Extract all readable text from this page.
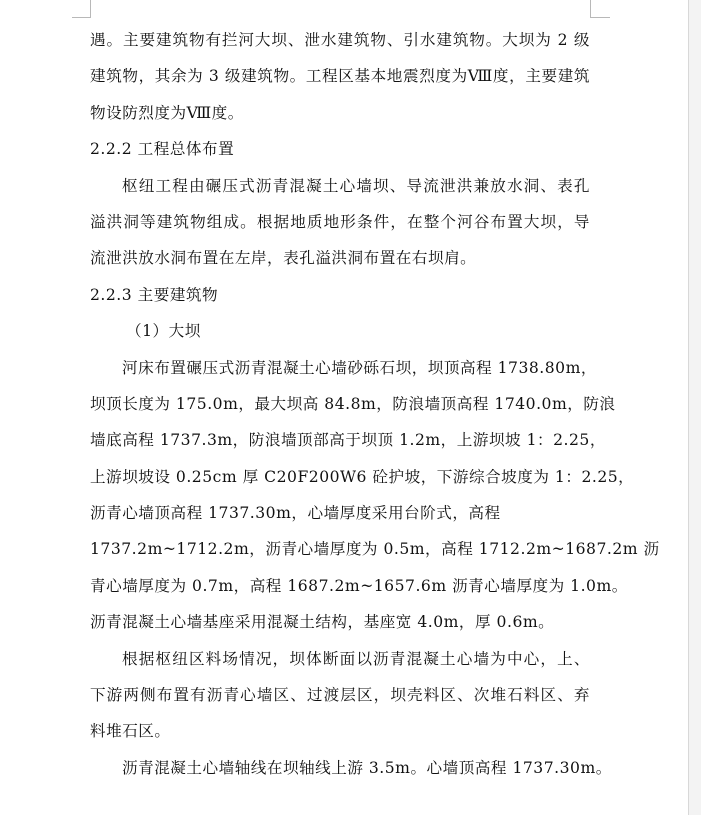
遇。主要建筑物有拦河大坝、泄水建筑物、引水建筑物。大坝为 2 级
建筑物，其余为 3 级建筑物。工程区基本地震烈度为Ⅷ度，主要建筑
物设防烈度为Ⅷ度。
2.2.2 工程总体布置
枢纽工程由碾压式沥青混凝土心墙坝、导流泄洪兼放水洞、表孔
溢洪洞等建筑物组成。根据地质地形条件，在整个河谷布置大坝，导
流泄洪放水洞布置在左岸，表孔溢洪洞布置在右坝肩。
2.2.3 主要建筑物
（1）大坝
河床布置碾压式沥青混凝土心墙砂砾石坝，坝顶高程 1738.80m，
坝顶长度为 175.0m，最大坝高 84.8m，防浪墙顶高程 1740.0m，防浪
墙底高程 1737.3m，防浪墙顶部高于坝顶 1.2m，上游坝坡 1：2.25，
上游坝坡设 0.25cm 厚 C20F200W6 砼护坡，下游综合坡度为 1：2.25，
沥青心墙顶高程 1737.30m，心墙厚度采用台阶式，高程
1737.2m~1712.2m，沥青心墙厚度为 0.5m，高程 1712.2m~1687.2m 沥
青心墙厚度为 0.7m，高程 1687.2m~1657.6m 沥青心墙厚度为 1.0m。
沥青混凝土心墙基座采用混凝土结构，基座宽 4.0m，厚 0.6m。
根据枢纽区料场情况，坝体断面以沥青混凝土心墙为中心，上、
下游两侧布置有沥青心墙区、过渡层区，坝壳料区、次堆石料区、弃
料堆石区。
沥青混凝土心墙轴线在坝轴线上游 3.5m。心墙顶高程 1737.30m。
